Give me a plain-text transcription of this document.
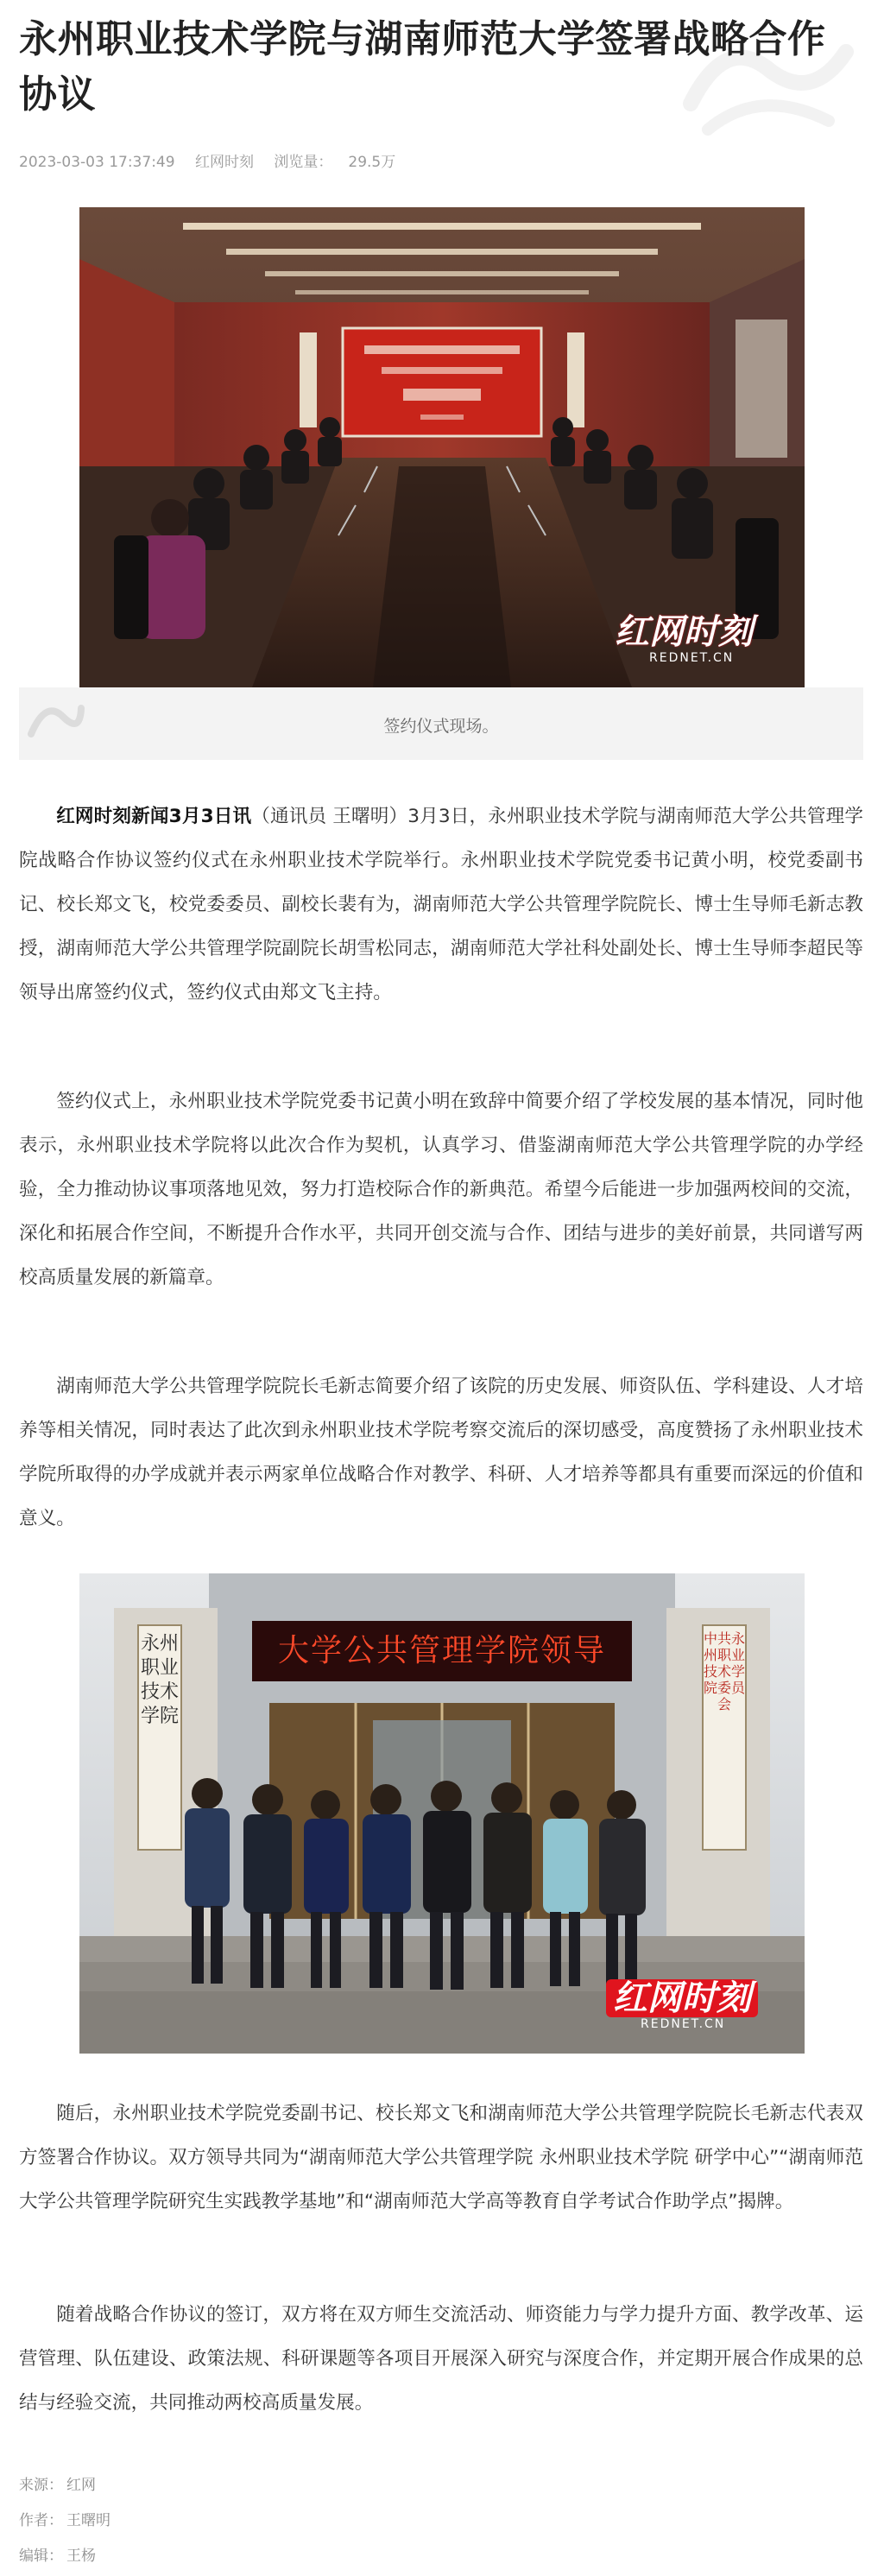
永州职业技术学院与湖南师范大学签署战略合作协议
2023-03-03 17:37:49 红网时刻 浏览量： 29.5万
红网时刻
REDNET.CN
签约仪式现场。

红网时刻新闻3月3日讯（通讯员 王曙明）3月3日，永州职业技术学院与湖南师范大学公共管理学院战略合作协议签约仪式在永州职业技术学院举行。永州职业技术学院党委书记黄小明，校党委副书记、校长郑文飞，校党委委员、副校长裴有为，湖南师范大学公共管理学院院长、博士生导师毛新志教授，湖南师范大学公共管理学院副院长胡雪松同志，湖南师范大学社科处副处长、博士生导师李超民等领导出席签约仪式，签约仪式由郑文飞主持。

签约仪式上，永州职业技术学院党委书记黄小明在致辞中简要介绍了学校发展的基本情况，同时他表示，永州职业技术学院将以此次合作为契机，认真学习、借鉴湖南师范大学公共管理学院的办学经验，全力推动协议事项落地见效，努力打造校际合作的新典范。希望今后能进一步加强两校间的交流，深化和拓展合作空间，不断提升合作水平，共同开创交流与合作、团结与进步的美好前景，共同谱写两校高质量发展的新篇章。

湖南师范大学公共管理学院院长毛新志简要介绍了该院的历史发展、师资队伍、学科建设、人才培养等相关情况，同时表达了此次到永州职业技术学院考察交流后的深切感受，高度赞扬了永州职业技术学院所取得的办学成就并表示两家单位战略合作对教学、科研、人才培养等都具有重要而深远的价值和意义。

大学公共管理学院领导
永州职业技术学院
中共永州职业技术学院委员会
红网时刻
REDNET.CN

随后，永州职业技术学院党委副书记、校长郑文飞和湖南师范大学公共管理学院院长毛新志代表双方签署合作协议。双方领导共同为“湖南师范大学公共管理学院 永州职业技术学院 研学中心”“湖南师范大学公共管理学院研究生实践教学基地”和“湖南师范大学高等教育自学考试合作助学点”揭牌。

随着战略合作协议的签订，双方将在双方师生交流活动、师资能力与学力提升方面、教学改革、运营管理、队伍建设、政策法规、科研课题等各项目开展深入研究与深度合作，并定期开展合作成果的总结与经验交流，共同推动两校高质量发展。

来源： 红网
作者： 王曙明
编辑： 王杨
